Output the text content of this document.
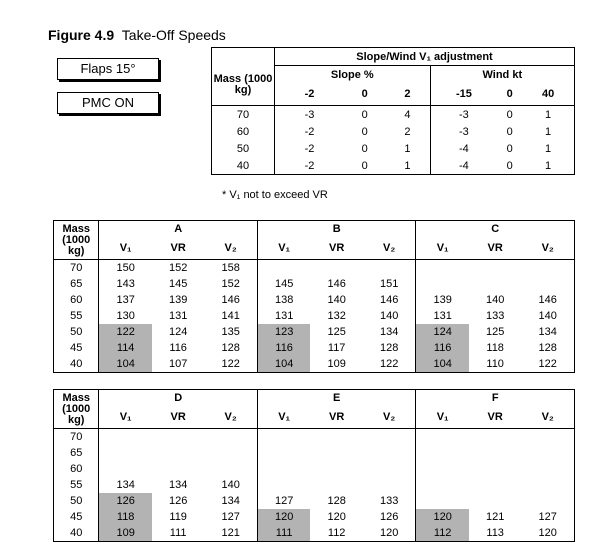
Figure 4.9 Take-Off Speeds
Flaps 15°
PMC ON
	Slope/Wind V₁ adjustment					
Mass (1000 kg)	Slope %			Wind kt		
	-2	0	2	-15	0	40
70	-3	0	4	-3	0	1
60	-2	0	2	-3	0	1
50	-2	0	1	-4	0	1
40	-2	0	1	-4	0	1
* V₁ not to exceed VR
Mass (1000 kg)	A			B			C		
	V₁	VR	V₂	V₁	VR	V₂	V₁	VR	V₂
70	150	152	158						
65	143	145	152	145	146	151			
60	137	139	146	138	140	146	139	140	146
55	130	131	141	131	132	140	131	133	140
50	122	124	135	123	125	134	124	125	134
45	114	116	128	116	117	128	116	118	128
40	104	107	122	104	109	122	104	110	122
Mass (1000 kg)	D			E			F		
	V₁	VR	V₂	V₁	VR	V₂	V₁	VR	V₂
70									
65									
60									
55	134	134	140						
50	126	126	134	127	128	133			
45	118	119	127	120	120	126	120	121	127
40	109	111	121	111	112	120	112	113	120
